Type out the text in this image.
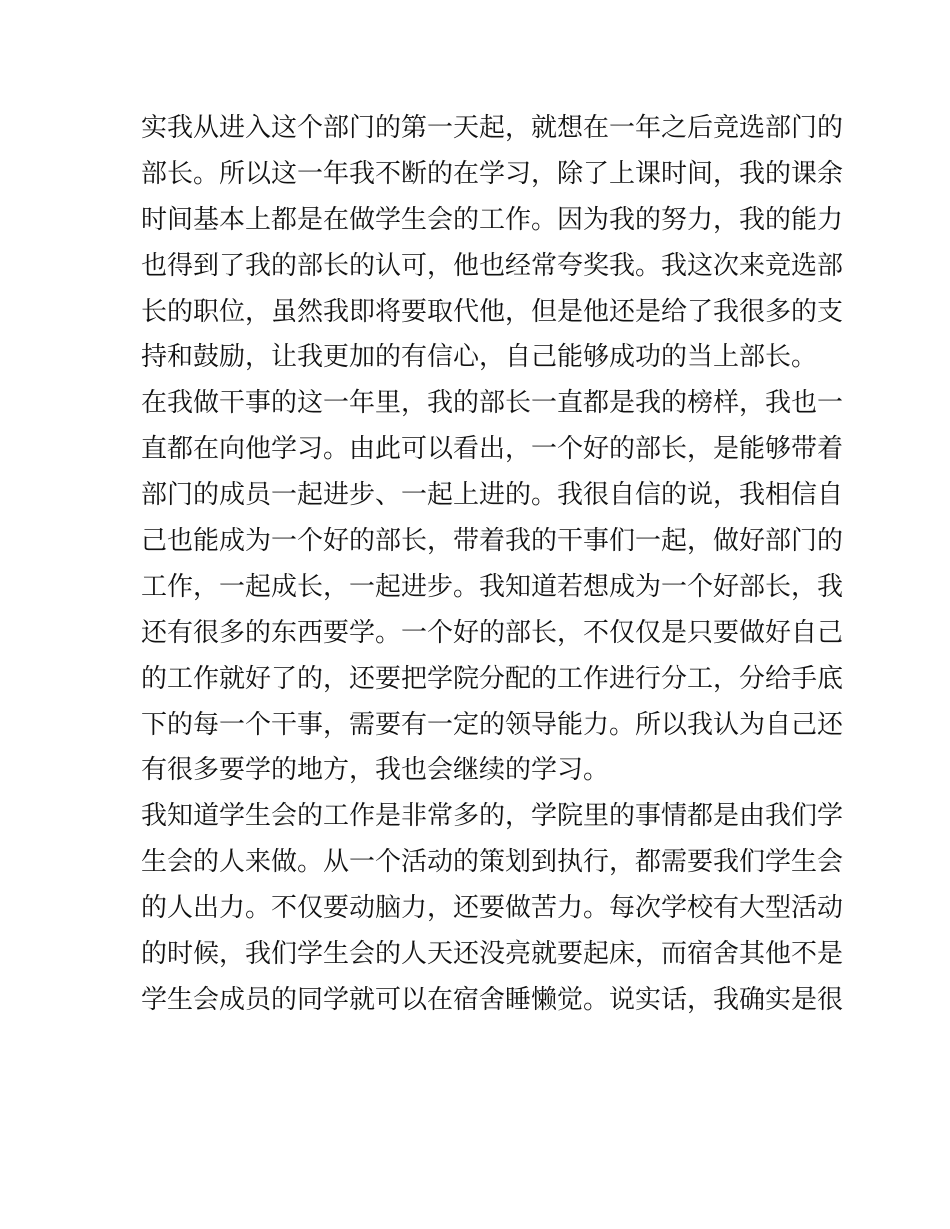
实我从进入这个部门的第一天起，就想在一年之后竞选部门的
部长。所以这一年我不断的在学习，除了上课时间，我的课余
时间基本上都是在做学生会的工作。因为我的努力，我的能力
也得到了我的部长的认可，他也经常夸奖我。我这次来竞选部
长的职位，虽然我即将要取代他，但是他还是给了我很多的支
持和鼓励，让我更加的有信心，自己能够成功的当上部长。
在我做干事的这一年里，我的部长一直都是我的榜样，我也一
直都在向他学习。由此可以看出，一个好的部长，是能够带着
部门的成员一起进步、一起上进的。我很自信的说，我相信自
己也能成为一个好的部长，带着我的干事们一起，做好部门的
工作，一起成长，一起进步。我知道若想成为一个好部长，我
还有很多的东西要学。一个好的部长，不仅仅是只要做好自己
的工作就好了的，还要把学院分配的工作进行分工，分给手底
下的每一个干事，需要有一定的领导能力。所以我认为自己还
有很多要学的地方，我也会继续的学习。
我知道学生会的工作是非常多的，学院里的事情都是由我们学
生会的人来做。从一个活动的策划到执行，都需要我们学生会
的人出力。不仅要动脑力，还要做苦力。每次学校有大型活动
的时候，我们学生会的人天还没亮就要起床，而宿舍其他不是
学生会成员的同学就可以在宿舍睡懒觉。说实话，我确实是很
